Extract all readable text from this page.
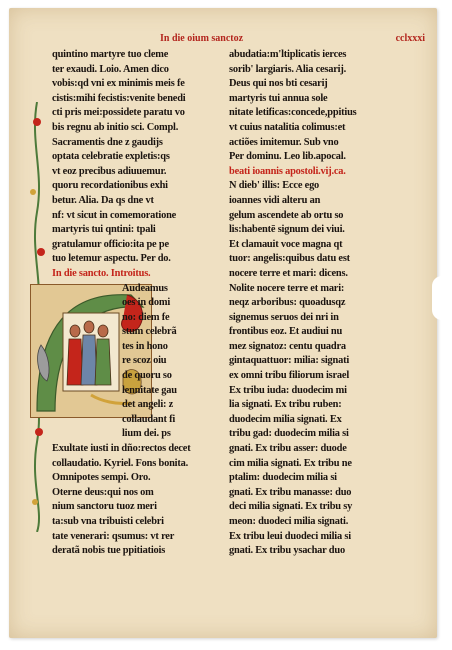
In die oium sanctoz	cclxxxi
quintino martyre tuo cleme
ter exaudi. Loio. Amen dico
vobis:qd vni ex minimis meis fe
cistis:mihi fecistis:venite benedi
cti pris mei:possidete paratu vo
bis regnu ab initio sci. Compl.
Sacramentis dne z gaudijs
optata celebratie expletis:qs
vt eoz precibus adiuuemur.
quoru recordationibus exhi
betur. Alia. Da qs dne vt
nf: vt sicut in comemoratione
martyris tui qntini: tpali
gratulamur officio:ita pe pe
tuo letemur aspectu. Per do.
In die sancto. Introitus.
Audeamus
oes in domi
no: diem fe
stum celebrã
tes in hono
re scoz oiu
de quoru so
lennitate gau
det angeli: z
collaudant fi
lium dei. ps
Exultate iusti in dño:rectos decet
collaudatio. Kyriel. Fons bonita.
Omnipotes sempi. Oro.
Oterne deus:qui nos om
nium sanctoru tuoz meri
ta:sub vna tribuisti celebri
tate venerari: qsumus: vt rer
deratã nobis tue ppitiatiois
abudatia:m'ltiplicatis ierces
sorib' largiaris. Alia cesarij.
Deus qui nos bti cesarij
martyris tui annua sole
nitate letificas:concede,ppitius
vt cuius natalitia colimus:et
actiões imitemur. Sub vno
Per dominu. Leo lib.apocal.
beati ioannis apostoli.vij.ca.
N dieb' illis: Ecce ego
ioannes vidi alteru an
gelum ascendete ab ortu so
lis:habentē signum dei viui.
Et clamauit voce magna qt
tuor: angelis:quibus datu est
nocere terre et mari: dicens.
Nolite nocere terre et mari:
neqz arboribus: quoadusqz
signemus seruos dei nri in
frontibus eoz. Et audiui nu
mez signatoz: centu quadra
gintaquattuor: milia: signati
ex omni tribu filiorum israel
Ex tribu iuda: duodecim mi
lia signati. Ex tribu ruben:
duodecim milia signati. Ex
tribu gad: duodecim milia si
gnati. Ex tribu asser: duode
cim milia signati. Ex tribu ne
ptalim: duodecim milia si
gnati. Ex tribu manasse: duo
deci milia signati. Ex tribu sy
meon: duodeci milia signati.
Ex tribu leui duodeci milia si
gnati. Ex tribu ysachar duo
